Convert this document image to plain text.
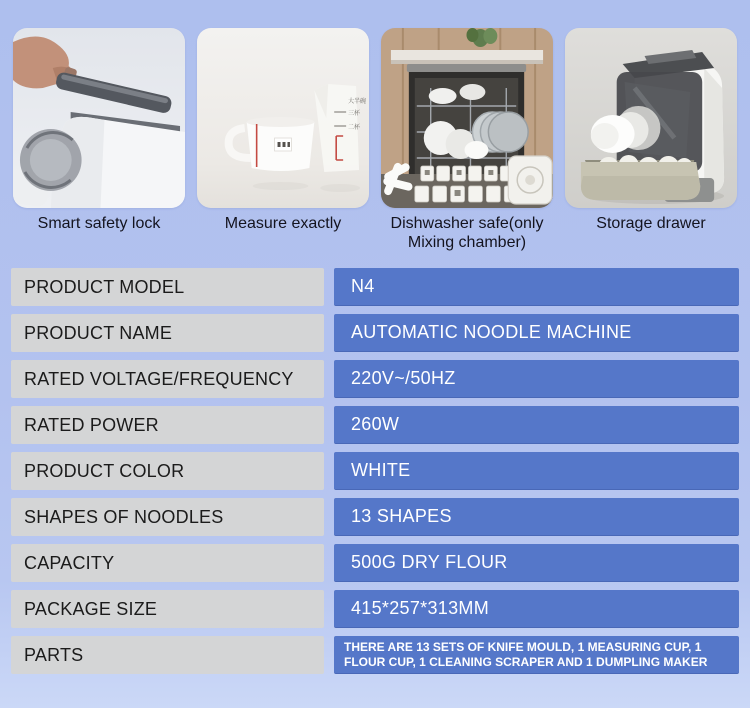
Smart safety lock
大半碗
三杯
二杯
Measure exactly	Dishwasher safe(only Mixing chamber)
Storage drawer
PRODUCT MODEL	N4
PRODUCT NAME	AUTOMATIC NOODLE MACHINE
RATED VOLTAGE/FREQUENCY	220V~/50HZ
RATED POWER	260W
PRODUCT COLOR	WHITE
SHAPES OF NOODLES	13 SHAPES
CAPACITY	500G DRY FLOUR
PACKAGE SIZE	415*257*313MM
PARTS	THERE ARE 13 SETS OF KNIFE MOULD, 1 MEASURING CUP, 1 FLOUR CUP, 1 CLEANING SCRAPER AND 1 DUMPLING MAKER
